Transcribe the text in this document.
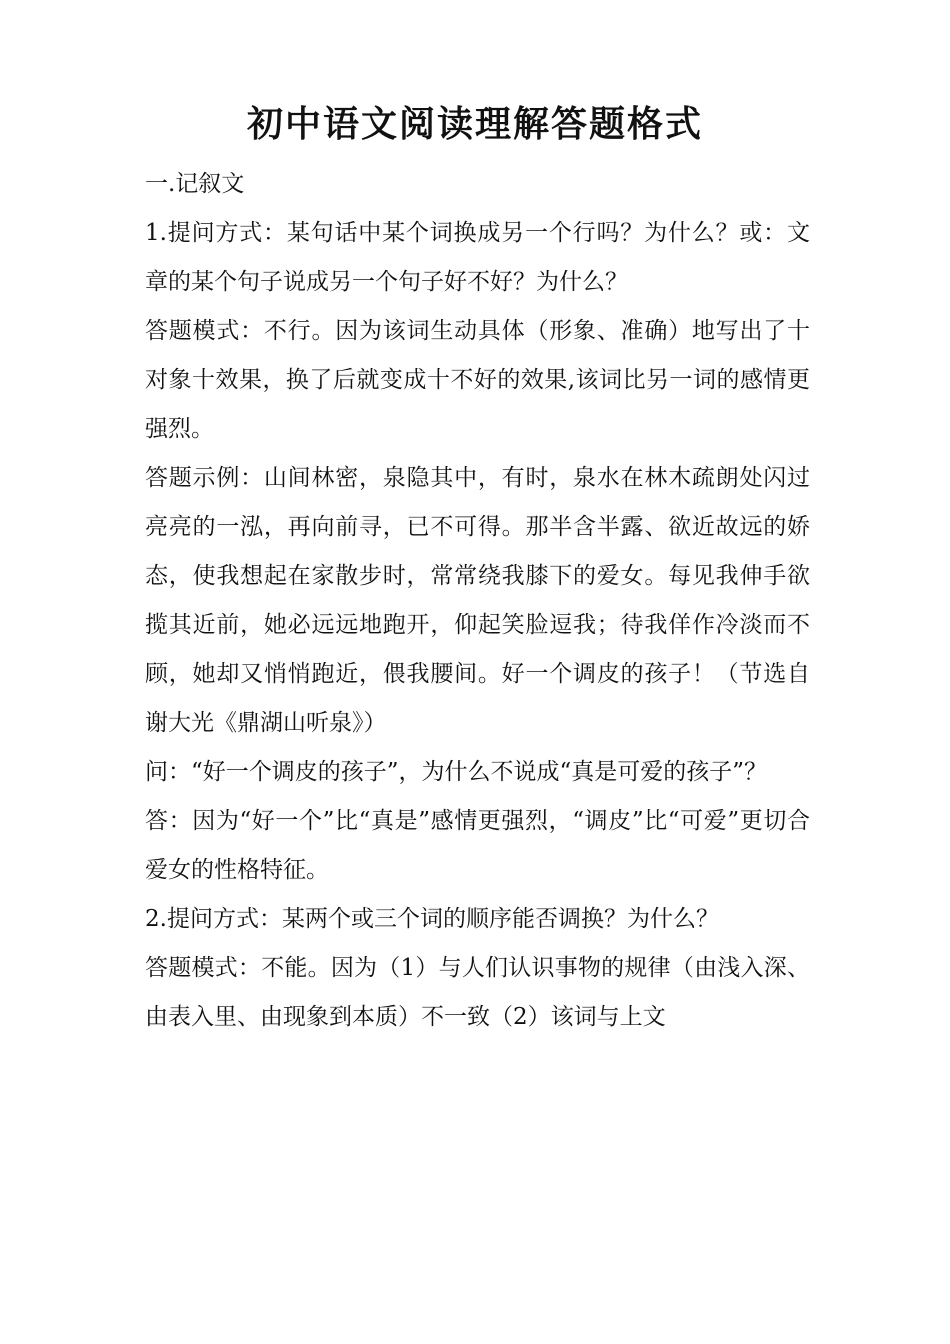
初中语文阅读理解答题格式

一.记叙文

1.提问方式：某句话中某个词换成另一个行吗？为什么？或：文章的某个句子说成另一个句子好不好？为什么？

答题模式：不行。因为该词生动具体（形象、准确）地写出了十对象十效果，换了后就变成十不好的效果,该词比另一词的感情更强烈。

答题示例：山间林密，泉隐其中，有时，泉水在林木疏朗处闪过亮亮的一泓，再向前寻，已不可得。那半含半露、欲近故远的娇态，使我想起在家散步时，常常绕我膝下的爱女。每见我伸手欲揽其近前，她必远远地跑开，仰起笑脸逗我；待我佯作冷淡而不顾，她却又悄悄跑近，偎我腰间。好一个调皮的孩子！（节选自谢大光《鼎湖山听泉》）

问：“好一个调皮的孩子”，为什么不说成“真是可爱的孩子”？

答：因为“好一个”比“真是”感情更强烈，“调皮”比“可爱”更切合爱女的性格特征。

2.提问方式：某两个或三个词的顺序能否调换？为什么？

答题模式：不能。因为（1）与人们认识事物的规律（由浅入深、由表入里、由现象到本质）不一致（2）该词与上文
